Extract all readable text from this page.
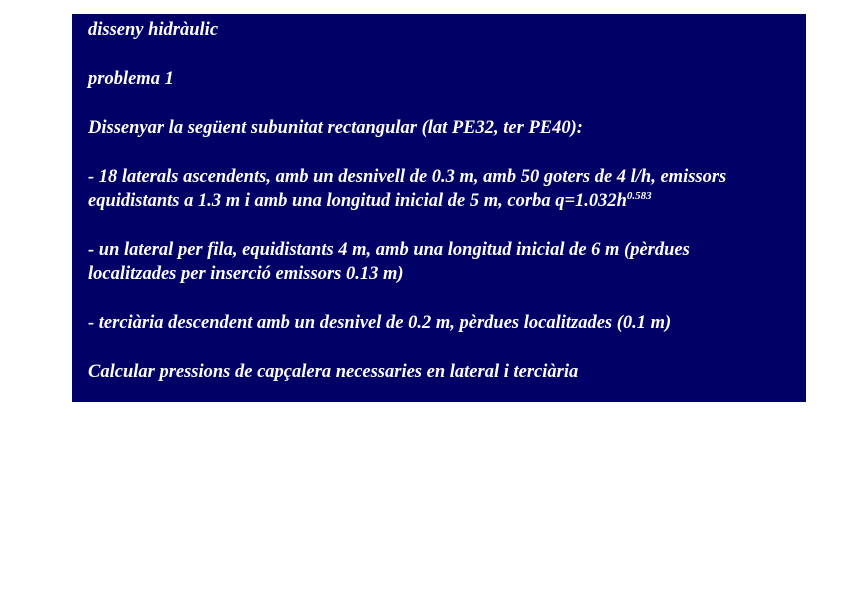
disseny hidràulic

problema 1

Dissenyar la següent subunitat rectangular (lat PE32, ter PE40):

- 18 laterals ascendents, amb un desnivell de 0.3 m, amb 50 goters de 4 l/h, emissors

equidistants a 1.3 m i amb una longitud inicial de 5 m, corba $q=1.032h^{0.583}$

- un lateral per fila, equidistants 4 m, amb una longitud inicial de 6 m (pèrdues

localitzades per inserció emissors 0.13 m)

- terciària descendent amb un desnivel de 0.2 m, pèrdues localitzades (0.1 m)

Calcular pressions de capçalera necessaries en lateral i terciària
